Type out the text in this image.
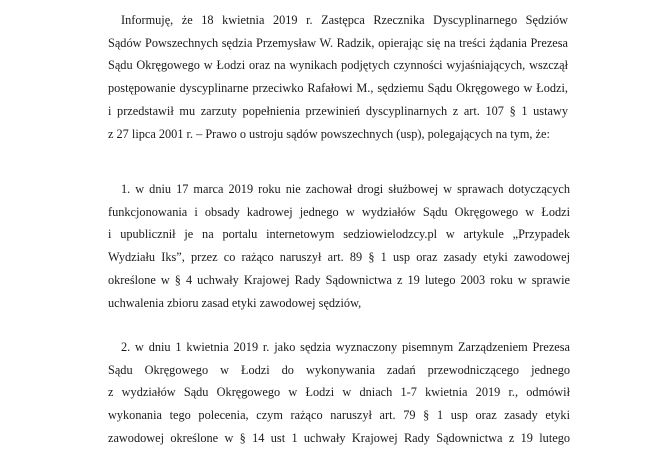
Informuję, że 18 kwietnia 2019 r. Zastępca Rzecznika Dyscyplinarnego Sędziów
Sądów Powszechnych sędzia Przemysław W. Radzik, opierając się na treści żądania Prezesa
Sądu Okręgowego w Łodzi oraz na wynikach podjętych czynności wyjaśniających, wszczął
postępowanie dyscyplinarne przeciwko Rafałowi M., sędziemu Sądu Okręgowego w Łodzi,
i przedstawił mu zarzuty popełnienia przewinień dyscyplinarnych z art. 107 § 1 ustawy
z 27 lipca 2001 r. – Prawo o ustroju sądów powszechnych (usp), polegających na tym, że:
1. w dniu 17 marca 2019 roku nie zachował drogi służbowej w sprawach dotyczących
funkcjonowania i obsady kadrowej jednego w wydziałów Sądu Okręgowego w Łodzi
i upublicznił je na portalu internetowym sedziowielodzcy.pl w artykule „Przypadek
Wydziału Iks”, przez co rażąco naruszył art. 89 § 1 usp oraz zasady etyki zawodowej
określone w § 4 uchwały Krajowej Rady Sądownictwa z 19 lutego 2003 roku w sprawie
uchwalenia zbioru zasad etyki zawodowej sędziów,
2. w dniu 1 kwietnia 2019 r. jako sędzia wyznaczony pisemnym Zarządzeniem Prezesa
Sądu Okręgowego w Łodzi do wykonywania zadań przewodniczącego jednego
z wydziałów Sądu Okręgowego w Łodzi w dniach 1-7 kwietnia 2019 r., odmówił
wykonania tego polecenia, czym rażąco naruszył art. 79 § 1 usp oraz zasady etyki
zawodowej określone w § 14 ust 1 uchwały Krajowej Rady Sądownictwa z 19 lutego
